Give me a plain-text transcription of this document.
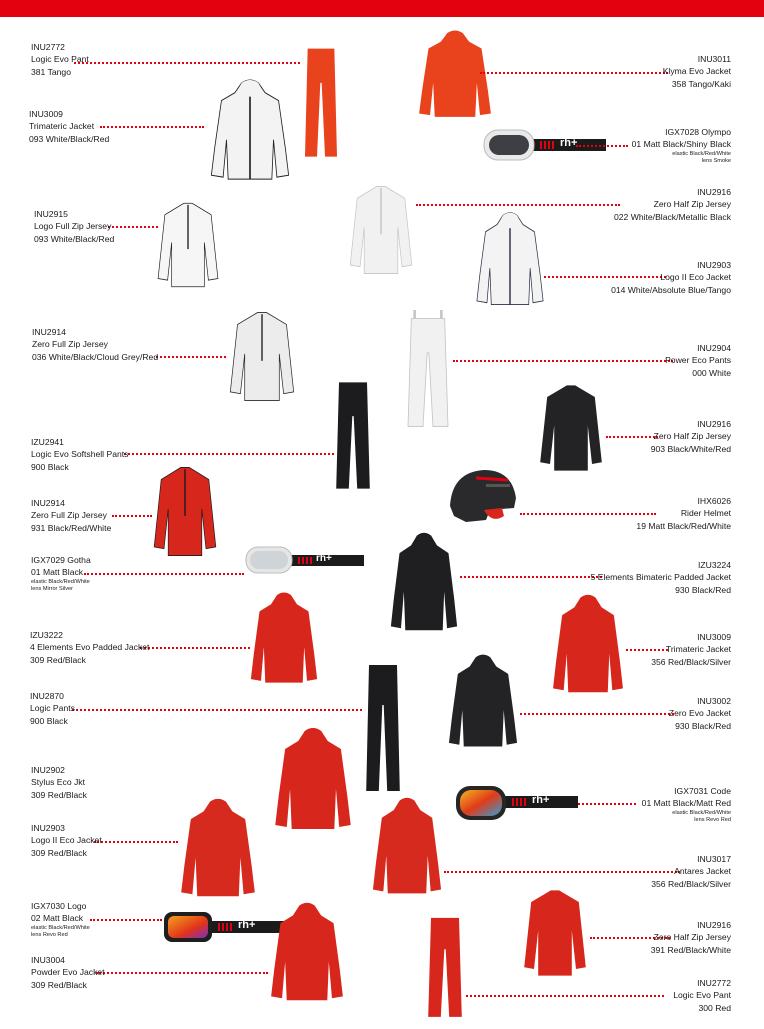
rh+
rh+
rh+
rh+
INU2772
Logic Evo Pant
381 Tango
INU3009
Trimateric Jacket
093 White/Black/Red
INU2915
Logo Full Zip Jersey
093 White/Black/Red
INU2914
Zero Full Zip Jersey
036 White/Black/Cloud Grey/Red
IZU2941
Logic Evo Softshell Pants
900 Black
INU2914
Zero Full Zip Jersey
931 Black/Red/White
IGX7029 Gotha
01 Matt Black
elastic Black/Red/White
lens Mirror Silver
IZU3222
4 Elements Evo Padded Jacket
309 Red/Black
INU2870
Logic Pants
900 Black
INU2902
Stylus Eco Jkt
309 Red/Black
INU2903
Logo II Eco Jacket
309 Red/Black
IGX7030 Logo
02 Matt Black
elastic Black/Red/White
lens Revo Red
INU3004
Powder Evo Jacket
309 Red/Black
INU3011
Klyma Evo Jacket
358 Tango/Kaki
IGX7028 Olympo
01 Matt Black/Shiny Black
elastic Black/Red/White
lens Smoke
INU2916
Zero Half Zip Jersey
022 White/Black/Metallic Black
INU2903
Logo II Eco Jacket
014 White/Absolute Blue/Tango
INU2904
Power Eco Pants
000 White
INU2916
Zero Half Zip Jersey
903 Black/White/Red
IHX6026
Rider Helmet
19 Matt Black/Red/White
IZU3224
5 Elements Bimateric Padded Jacket
930 Black/Red
INU3009
Trimateric Jacket
356 Red/Black/Silver
INU3002
Zero Evo Jacket
930 Black/Red
IGX7031 Code
01 Matt Black/Matt Red
elastic Black/Red/White
lens Revo Red
INU3017
Antares Jacket
356 Red/Black/Silver
INU2916
Zero Half Zip Jersey
391 Red/Black/White
INU2772
Logic Evo Pant
300 Red
